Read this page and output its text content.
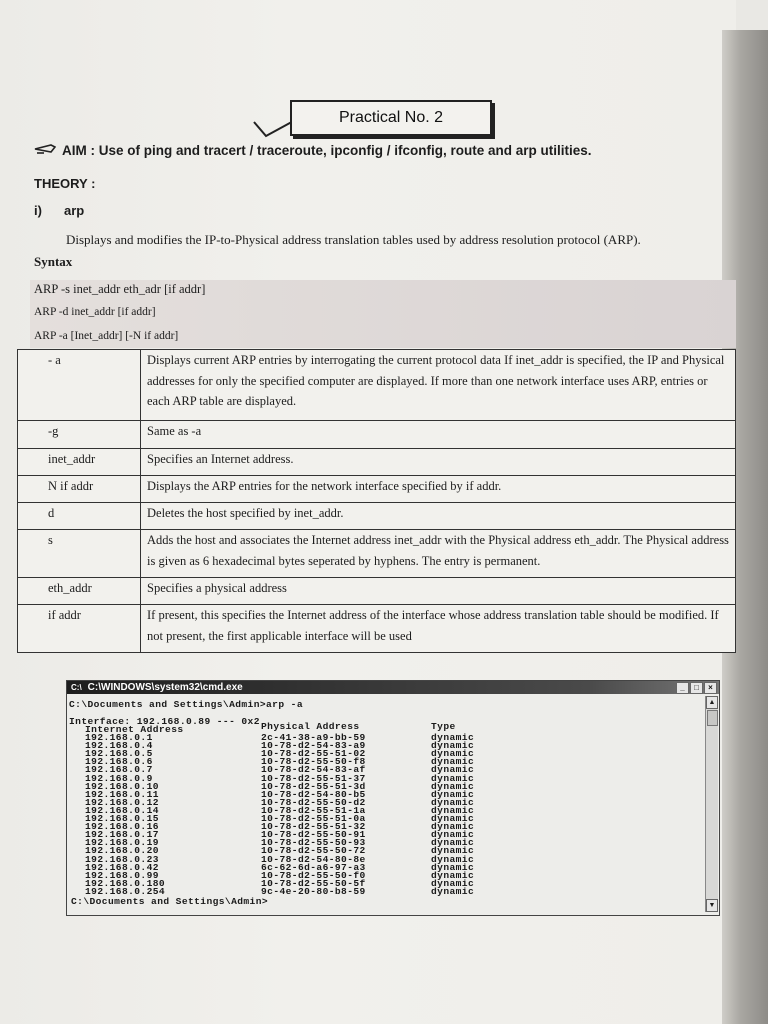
Practical No. 2
AIM : Use of ping and tracert / traceroute, ipconfig / ifconfig, route and arp utilities.
THEORY :
i) arp
Displays and modifies the IP-to-Physical address translation tables used by address resolution protocol (ARP).
Syntax
ARP -s inet_addr eth_adr [if addr]
ARP -d inet_addr [if addr]
ARP -a [Inet_addr] [-N if addr]
- a	Displays current ARP entries by interrogating the current protocol data If inet_addr is specified, the IP and Physical addresses for only the specified computer are displayed. If more than one network interface uses ARP, entries or each ARP table are displayed.
-g	Same as -a
inet_addr	Specifies an Internet address.
N if addr	Displays the ARP entries for the network interface specified by if addr.
d	Deletes the host specified by inet_addr.
s	Adds the host and associates the Internet address inet_addr with the Physical address eth_addr. The Physical address is given as 6 hexadecimal bytes seperated by hyphens. The entry is permanent.
eth_addr	Specifies a physical address
if addr	If present, this specifies the Internet address of the interface whose address translation table should be modified. If not present, the first applicable interface will be used
C:\ C:\WINDOWS\system32\cmd.exe	_	□	×
C:\Documents and Settings\Admin>arp -a
Interface: 192.168.0.89 --- 0x2
Internet Address	Physical Address	Type
C:\Documents and Settings\Admin>
192.168.0.1	2c-41-38-a9-bb-59	dynamic
192.168.0.4	10-78-d2-54-83-a9	dynamic
192.168.0.5	10-78-d2-55-51-02	dynamic
192.168.0.6	10-78-d2-55-50-f8	dynamic
192.168.0.7	10-78-d2-54-83-af	dynamic
192.168.0.9	10-78-d2-55-51-37	dynamic
192.168.0.10	10-78-d2-55-51-3d	dynamic
192.168.0.11	10-78-d2-54-80-b5	dynamic
192.168.0.12	10-78-d2-55-50-d2	dynamic
192.168.0.14	10-78-d2-55-51-1a	dynamic
192.168.0.15	10-78-d2-55-51-0a	dynamic
192.168.0.16	10-78-d2-55-51-32	dynamic
192.168.0.17	10-78-d2-55-50-91	dynamic
192.168.0.19	10-78-d2-55-50-93	dynamic
192.168.0.20	10-78-d2-55-50-72	dynamic
192.168.0.23	10-78-d2-54-80-8e	dynamic
192.168.0.42	6c-62-6d-a6-97-a3	dynamic
192.168.0.99	10-78-d2-55-50-f0	dynamic
192.168.0.180	10-78-d2-55-50-5f	dynamic
192.168.0.254	9c-4e-20-80-b8-59	dynamic
▲
▼
